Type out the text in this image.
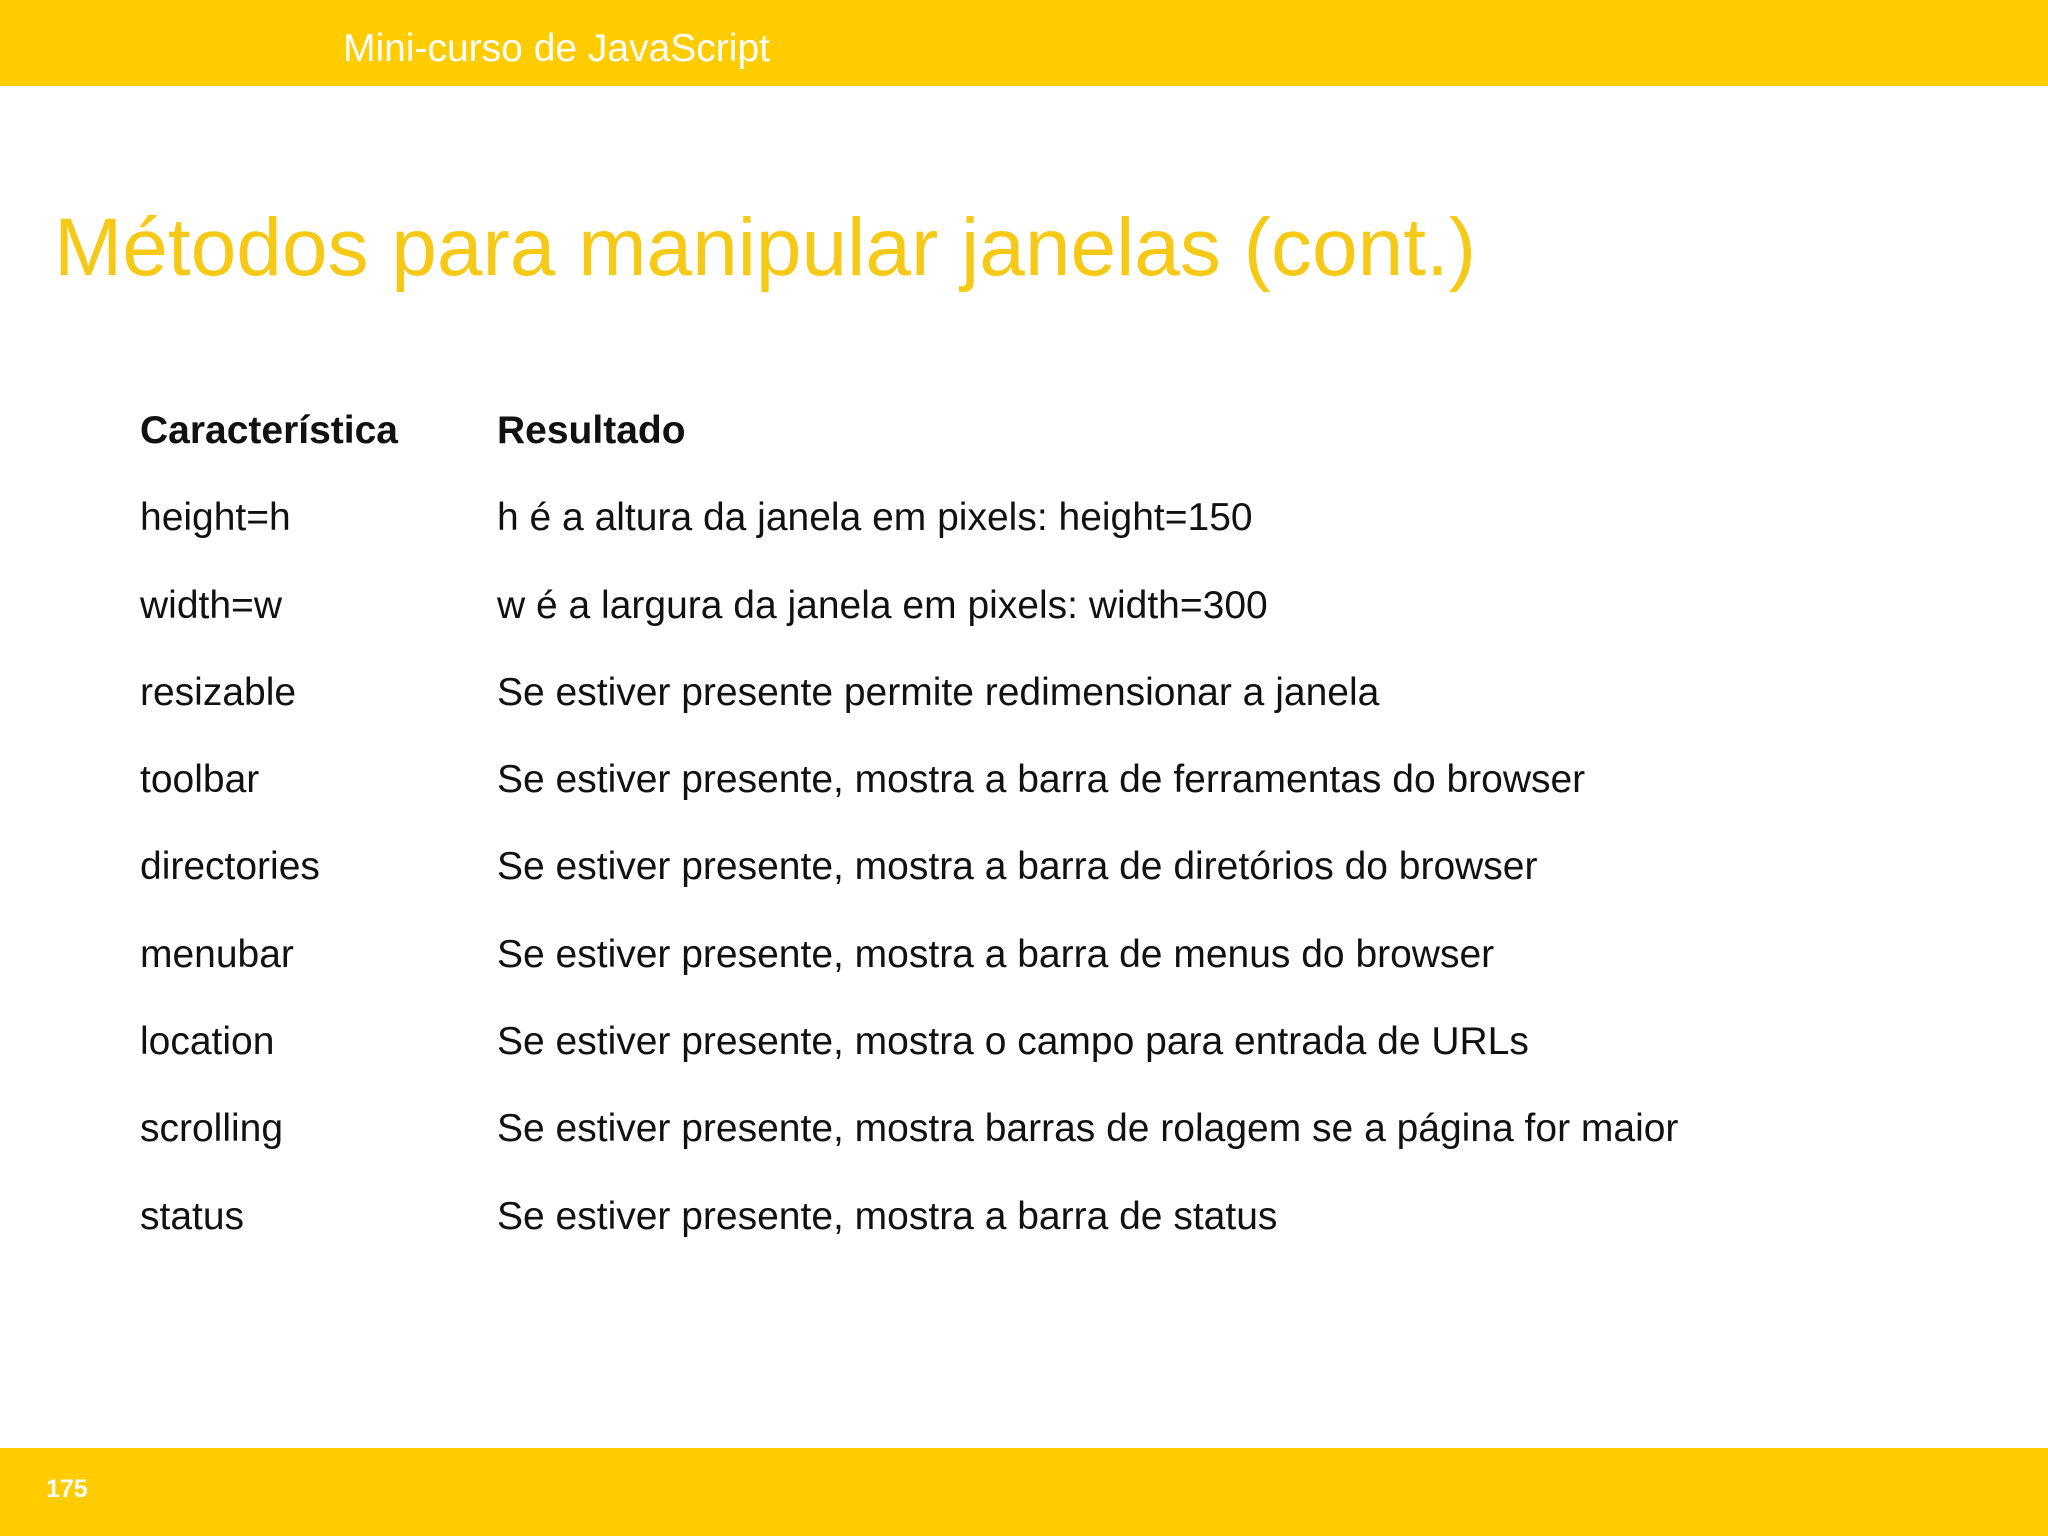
Mini-curso de JavaScript
Métodos para manipular janelas (cont.)
Característica	Resultado
height=h	h é a altura da janela em pixels: height=150
width=w	w é a largura da janela em pixels: width=300
resizable	Se estiver presente permite redimensionar a janela
toolbar	Se estiver presente, mostra a barra de ferramentas do browser
directories	Se estiver presente, mostra a barra de diretórios do browser
menubar	Se estiver presente, mostra a barra de menus do browser
location	Se estiver presente, mostra o campo para entrada de URLs
scrolling	Se estiver presente, mostra barras de rolagem se a página for maior
status	Se estiver presente, mostra a barra de status
175
